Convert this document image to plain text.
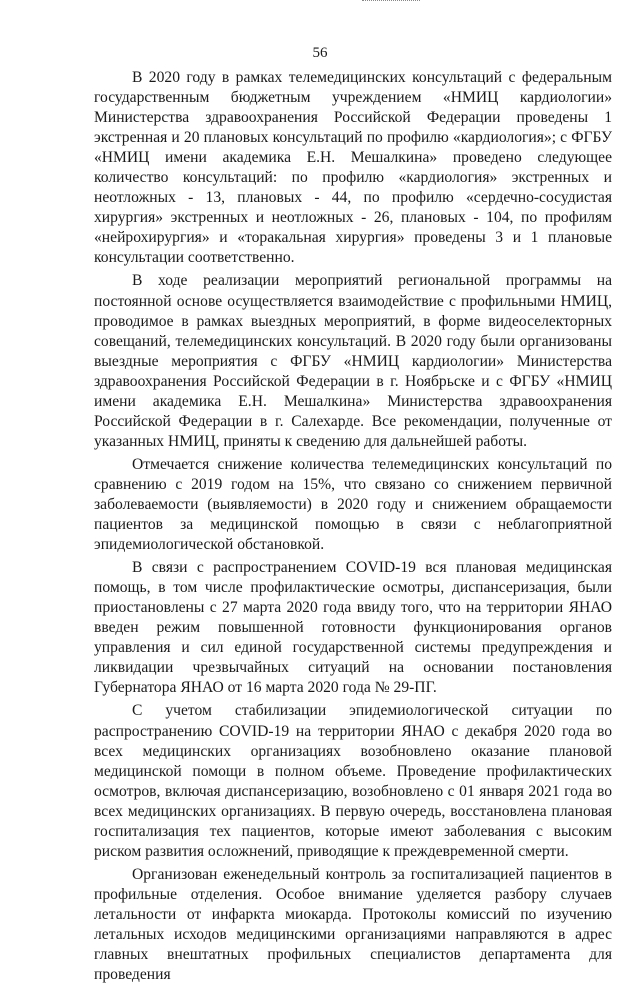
56

В 2020 году в рамках телемедицинских консультаций с федеральным государственным бюджетным учреждением «НМИЦ кардиологии» Министерства здравоохранения Российской Федерации проведены 1 экстренная и 20 плановых консультаций по профилю «кардиология»; с ФГБУ «НМИЦ имени академика Е.Н. Мешалкина» проведено следующее количество консультаций: по профилю «кардиология» экстренных и неотложных - 13, плановых - 44, по профилю «сердечно-сосудистая хирургия» экстренных и неотложных - 26, плановых - 104, по профилям «нейрохирургия» и «торакальная хирургия» проведены 3 и 1 плановые консультации соответственно.

В ходе реализации мероприятий региональной программы на постоянной основе осуществляется взаимодействие с профильными НМИЦ, проводимое в рамках выездных мероприятий, в форме видеоселекторных совещаний, телемедицинских консультаций. В 2020 году были организованы выездные мероприятия с ФГБУ «НМИЦ кардиологии» Министерства здравоохранения Российской Федерации в г. Ноябрьске и с ФГБУ «НМИЦ имени академика Е.Н. Мешалкина» Министерства здравоохранения Российской Федерации в г. Салехарде. Все рекомендации, полученные от указанных НМИЦ, приняты к сведению для дальнейшей работы.

Отмечается снижение количества телемедицинских консультаций по сравнению с 2019 годом на 15%, что связано со снижением первичной заболеваемости (выявляемости) в 2020 году и снижением обращаемости пациентов за медицинской помощью в связи с неблагоприятной эпидемиологической обстановкой.

В связи с распространением COVID-19 вся плановая медицинская помощь, в том числе профилактические осмотры, диспансеризация, были приостановлены с 27 марта 2020 года ввиду того, что на территории ЯНАО введен режим повышенной готовности функционирования органов управления и сил единой государственной системы предупреждения и ликвидации чрезвычайных ситуаций на основании постановления Губернатора ЯНАО от 16 марта 2020 года № 29-ПГ.

С учетом стабилизации эпидемиологической ситуации по распространению COVID-19 на территории ЯНАО с декабря 2020 года во всех медицинских организациях возобновлено оказание плановой медицинской помощи в полном объеме. Проведение профилактических осмотров, включая диспансеризацию, возобновлено с 01 января 2021 года во всех медицинских организациях. В первую очередь, восстановлена плановая госпитализация тех пациентов, которые имеют заболевания с высоким риском развития осложнений, приводящие к преждевременной смерти.

Организован еженедельный контроль за госпитализацией пациентов в профильные отделения. Особое внимание уделяется разбору случаев летальности от инфаркта миокарда. Протоколы комиссий по изучению летальных исходов медицинскими организациями направляются в адрес главных внештатных профильных специалистов департамента для проведения
